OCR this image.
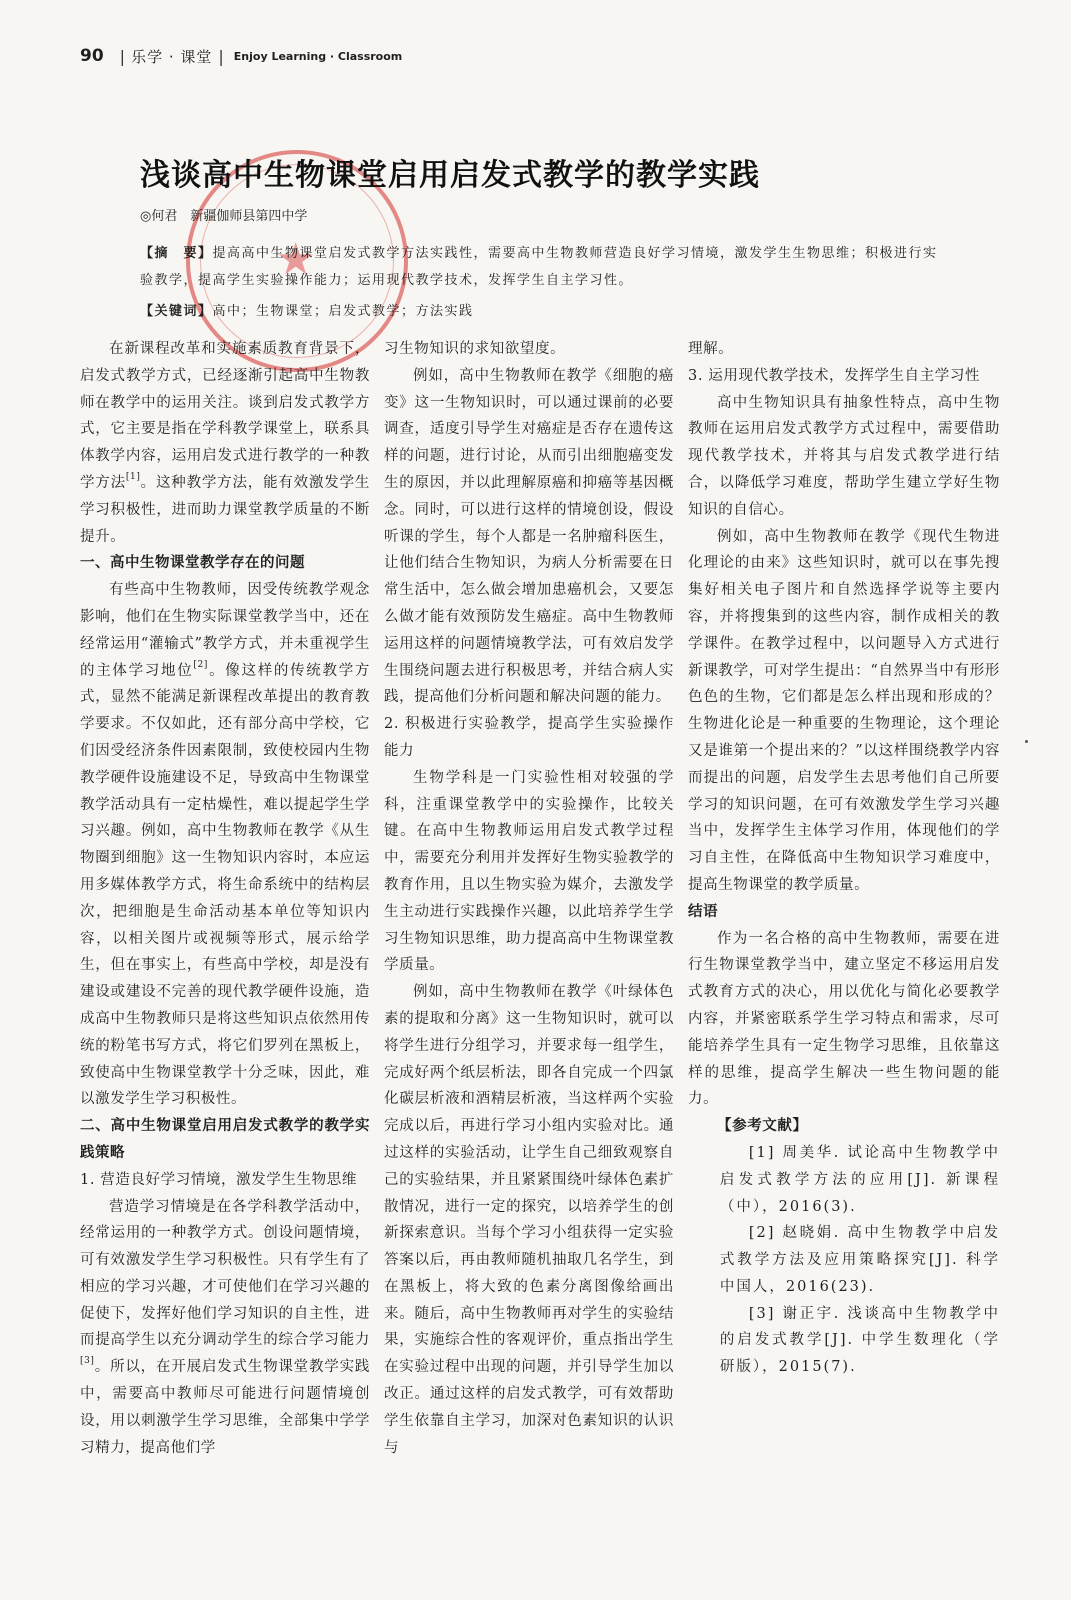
90 | 乐学 · 课堂 | Enjoy Learning · Classroom
★
浅谈高中生物课堂启用启发式教学的教学实践
◎何君　新疆伽师县第四中学
【摘　要】提高高中生物课堂启发式教学方法实践性，需要高中生物教师营造良好学习情境，激发学生生物思维；积极进行实验教学，提高学生实验操作能力；运用现代教学技术，发挥学生自主学习性。
【关键词】高中；生物课堂；启发式教学；方法实践

在新课程改革和实施素质教育背景下，启发式教学方式，已经逐渐引起高中生物教师在教学中的运用关注。谈到启发式教学方式，它主要是指在学科教学课堂上，联系具体教学内容，运用启发式进行教学的一种教学方法[1]。这种教学方法，能有效激发学生学习积极性，进而助力课堂教学质量的不断提升。

一、高中生物课堂教学存在的问题

有些高中生物教师，因受传统教学观念影响，他们在生物实际课堂教学当中，还在经常运用“灌输式”教学方式，并未重视学生的主体学习地位[2]。像这样的传统教学方式，显然不能满足新课程改革提出的教育教学要求。不仅如此，还有部分高中学校，它们因受经济条件因素限制，致使校园内生物教学硬件设施建设不足，导致高中生物课堂教学活动具有一定枯燥性，难以提起学生学习兴趣。例如，高中生物教师在教学《从生物圈到细胞》这一生物知识内容时，本应运用多媒体教学方式，将生命系统中的结构层次，把细胞是生命活动基本单位等知识内容，以相关图片或视频等形式，展示给学生，但在事实上，有些高中学校，却是没有建设或建设不完善的现代教学硬件设施，造成高中生物教师只是将这些知识点依然用传统的粉笔书写方式，将它们罗列在黑板上，致使高中生物课堂教学十分乏味，因此，难以激发学生学习积极性。

二、高中生物课堂启用启发式教学的教学实践策略
1. 营造良好学习情境，激发学生生物思维

营造学习情境是在各学科教学活动中，经常运用的一种教学方式。创设问题情境，可有效激发学生学习积极性。只有学生有了相应的学习兴趣，才可使他们在学习兴趣的促使下，发挥好他们学习知识的自主性，进而提高学生以充分调动学生的综合学习能力[3]。所以，在开展启发式生物课堂教学实践中，需要高中教师尽可能进行问题情境创设，用以刺激学生学习思维，全部集中学学习精力，提高他们学

习生物知识的求知欲望度。

例如，高中生物教师在教学《细胞的癌变》这一生物知识时，可以通过课前的必要调查，适度引导学生对癌症是否存在遗传这样的问题，进行讨论，从而引出细胞癌变发生的原因，并以此理解原癌和抑癌等基因概念。同时，可以进行这样的情境创设，假设听课的学生，每个人都是一名肿瘤科医生，让他们结合生物知识，为病人分析需要在日常生活中，怎么做会增加患癌机会，又要怎么做才能有效预防发生癌症。高中生物教师运用这样的问题情境教学法，可有效启发学生围绕问题去进行积极思考，并结合病人实践，提高他们分析问题和解决问题的能力。

2. 积极进行实验教学，提高学生实验操作能力

生物学科是一门实验性相对较强的学科，注重课堂教学中的实验操作，比较关键。在高中生物教师运用启发式教学过程中，需要充分利用并发挥好生物实验教学的教育作用，且以生物实验为媒介，去激发学生主动进行实践操作兴趣，以此培养学生学习生物知识思维，助力提高高中生物课堂教学质量。

例如，高中生物教师在教学《叶绿体色素的提取和分离》这一生物知识时，就可以将学生进行分组学习，并要求每一组学生，完成好两个纸层析法，即各自完成一个四氯化碳层析液和酒精层析液，当这样两个实验完成以后，再进行学习小组内实验对比。通过这样的实验活动，让学生自己细致观察自己的实验结果，并且紧紧围绕叶绿体色素扩散情况，进行一定的探究，以培养学生的创新探索意识。当每个学习小组获得一定实验答案以后，再由教师随机抽取几名学生，到在黑板上，将大致的色素分离图像给画出来。随后，高中生物教师再对学生的实验结果，实施综合性的客观评价，重点指出学生在实验过程中出现的问题，并引导学生加以改正。通过这样的启发式教学，可有效帮助学生依靠自主学习，加深对色素知识的认识与

理解。

3. 运用现代教学技术，发挥学生自主学习性

高中生物知识具有抽象性特点，高中生物教师在运用启发式教学方式过程中，需要借助现代教学技术，并将其与启发式教学进行结合，以降低学习难度，帮助学生建立学好生物知识的自信心。

例如，高中生物教师在教学《现代生物进化理论的由来》这些知识时，就可以在事先搜集好相关电子图片和自然选择学说等主要内容，并将搜集到的这些内容，制作成相关的教学课件。在教学过程中，以问题导入方式进行新课教学，可对学生提出：“自然界当中有形形色色的生物，它们都是怎么样出现和形成的？生物进化论是一种重要的生物理论，这个理论又是谁第一个提出来的？”以这样围绕教学内容而提出的问题，启发学生去思考他们自己所要学习的知识问题，在可有效激发学生学习兴趣当中，发挥学生主体学习作用，体现他们的学习自主性，在降低高中生物知识学习难度中，提高生物课堂的教学质量。

结语

作为一名合格的高中生物教师，需要在进行生物课堂教学当中，建立坚定不移运用启发式教育方式的决心，用以优化与简化必要教学内容，并紧密联系学生学习特点和需求，尽可能培养学生具有一定生物学习思维，且依靠这样的思维，提高学生解决一些生物问题的能力。

【参考文献】

[1] 周美华. 试论高中生物教学中启发式教学方法的应用[J]. 新课程（中），2016(3).

[2] 赵晓娟. 高中生物教学中启发式教学方法及应用策略探究[J]. 科学中国人，2016(23).

[3] 谢正宇. 浅谈高中生物教学中的启发式教学[J]. 中学生数理化（学研版），2015(7).
